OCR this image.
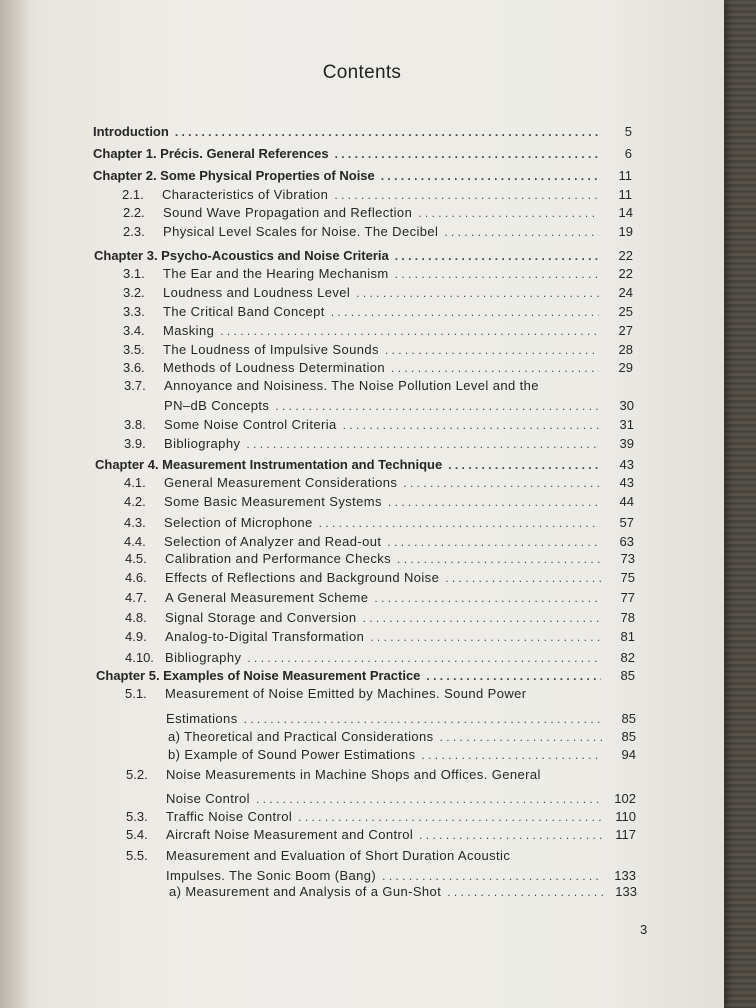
Contents
Introduction . . .	5
Chapter 1. Précis. General References . . .	6
Chapter 2. Some Physical Properties of Noise . . .	11
2.1.	Characteristics of Vibration . . .	11
2.2.	Sound Wave Propagation and Reflection . . .	14
2.3.	Physical Level Scales for Noise. The Decibel . . .	19
Chapter 3. Psycho-Acoustics and Noise Criteria . . .	22
3.1.	The Ear and the Hearing Mechanism . . .	22
3.2.	Loudness and Loudness Level . . .	24
3.3.	The Critical Band Concept . . .	25
3.4.	Masking . . .	27
3.5.	The Loudness of Impulsive Sounds . . .	28
3.6.	Methods of Loudness Determination . . .	29
3.7.	Annoyance and Noisiness. The Noise Pollution Level and the
PN–dB Concepts . . .	30
3.8.	Some Noise Control Criteria . . .	31
3.9.	Bibliography . . .	39
Chapter 4. Measurement Instrumentation and Technique . . .	43
4.1.	General Measurement Considerations . . .	43
4.2.	Some Basic Measurement Systems . . .	44
4.3.	Selection of Microphone . . .	57
4.4.	Selection of Analyzer and Read-out . . .	63
4.5.	Calibration and Performance Checks . . .	73
4.6.	Effects of Reflections and Background Noise . . .	75
4.7.	A General Measurement Scheme . . .	77
4.8.	Signal Storage and Conversion . . .	78
4.9.	Analog-to-Digital Transformation . . .	81
4.10. Bibliography . . .	82
Chapter 5. Examples of Noise Measurement Practice . . .	85
5.1.	Measurement of Noise Emitted by Machines. Sound Power
Estimations . . .	85
a) Theoretical and Practical Considerations . . .	85
b) Example of Sound Power Estimations . . .	94
5.2.	Noise Measurements in Machine Shops and Offices. General
Noise Control . . .	102
5.3.	Traffic Noise Control . . .	110
5.4.	Aircraft Noise Measurement and Control . . .	117
5.5.	Measurement and Evaluation of Short Duration Acoustic
Impulses. The Sonic Boom (Bang) . . .	133
a) Measurement and Analysis of a Gun-Shot . . .	133
3
